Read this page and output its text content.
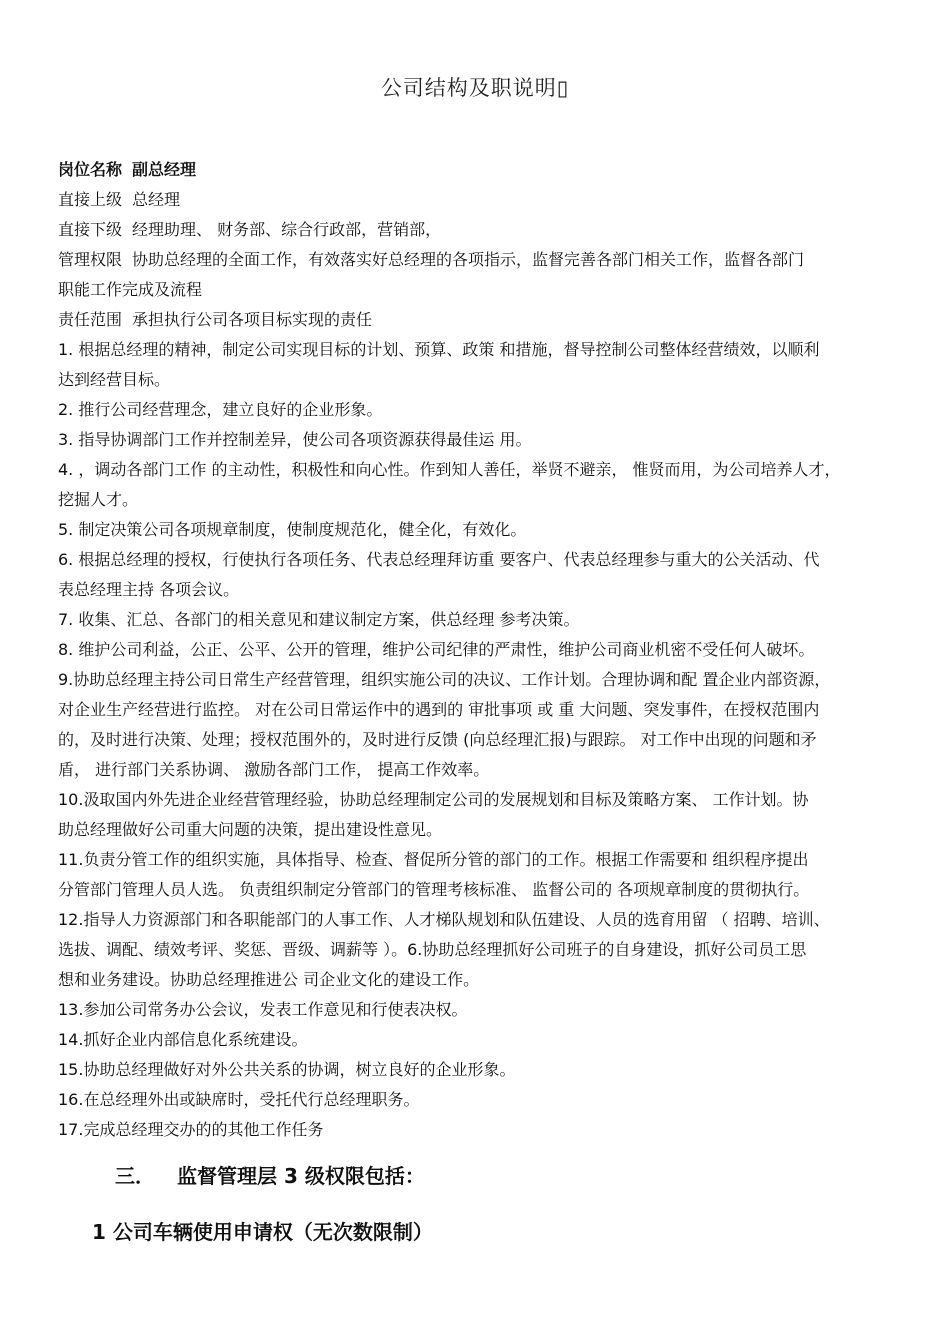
公司结构及职说明▯
岗位名称 副总经理
直接上级 总经理
直接下级 经理助理、 财务部、综合行政部，营销部，
管理权限 协助总经理的全面工作，有效落实好总经理的各项指示，监督完善各部门相关工作，监督各部门
职能工作完成及流程
责任范围 承担执行公司各项目标实现的责任
1. 根据总经理的精神，制定公司实现目标的计划、预算、政策 和措施，督导控制公司整体经营绩效，以顺利
达到经营目标。
2. 推行公司经营理念，建立良好的企业形象。
3. 指导协调部门工作并控制差异，使公司各项资源获得最佳运 用。
4. ，调动各部门工作 的主动性，积极性和向心性。作到知人善任，举贤不避亲， 惟贤而用，为公司培养人才，
挖掘人才。
5. 制定决策公司各项规章制度，使制度规范化，健全化，有效化。
6. 根据总经理的授权，行使执行各项任务、代表总经理拜访重 要客户、代表总经理参与重大的公关活动、代
表总经理主持 各项会议。
7. 收集、汇总、各部门的相关意见和建议制定方案，供总经理 参考决策。
8. 维护公司利益，公正、公平、公开的管理，维护公司纪律的严肃性，维护公司商业机密不受任何人破坏。
9.协助总经理主持公司日常生产经营管理，组织实施公司的决议、工作计划。合理协调和配 置企业内部资源，
对企业生产经营进行监控。 对在公司日常运作中的遇到的 审批事项 或 重 大问题、突发事件，在授权范围内
的，及时进行决策、处理；授权范围外的，及时进行反馈 (向总经理汇报)与跟踪。 对工作中出现的问题和矛
盾， 进行部门关系协调、 激励各部门工作， 提高工作效率。
10.汲取国内外先进企业经营管理经验，协助总经理制定公司的发展规划和目标及策略方案、 工作计划。协
助总经理做好公司重大问题的决策，提出建设性意见。
11.负责分管工作的组织实施，具体指导、检查、督促所分管的部门的工作。根据工作需要和 组织程序提出
分管部门管理人员人选。 负责组织制定分管部门的管理考核标准、 监督公司的 各项规章制度的贯彻执行。
12.指导人力资源部门和各职能部门的人事工作、人才梯队规划和队伍建设、人员的选育用留 （ 招聘、培训、
选拔、调配、绩效考评、奖惩、晋级、调薪等 ）。6.协助总经理抓好公司班子的自身建设，抓好公司员工思
想和业务建设。协助总经理推进公 司企业文化的建设工作。
13.参加公司常务办公会议，发表工作意见和行使表决权。
14.抓好企业内部信息化系统建设。
15.协助总经理做好对外公共关系的协调，树立良好的企业形象。
16.在总经理外出或缺席时，受托代行总经理职务。
17.完成总经理交办的的其他工作任务
三． 监督管理层 3 级权限包括：
1 公司车辆使用申请权（无次数限制）
